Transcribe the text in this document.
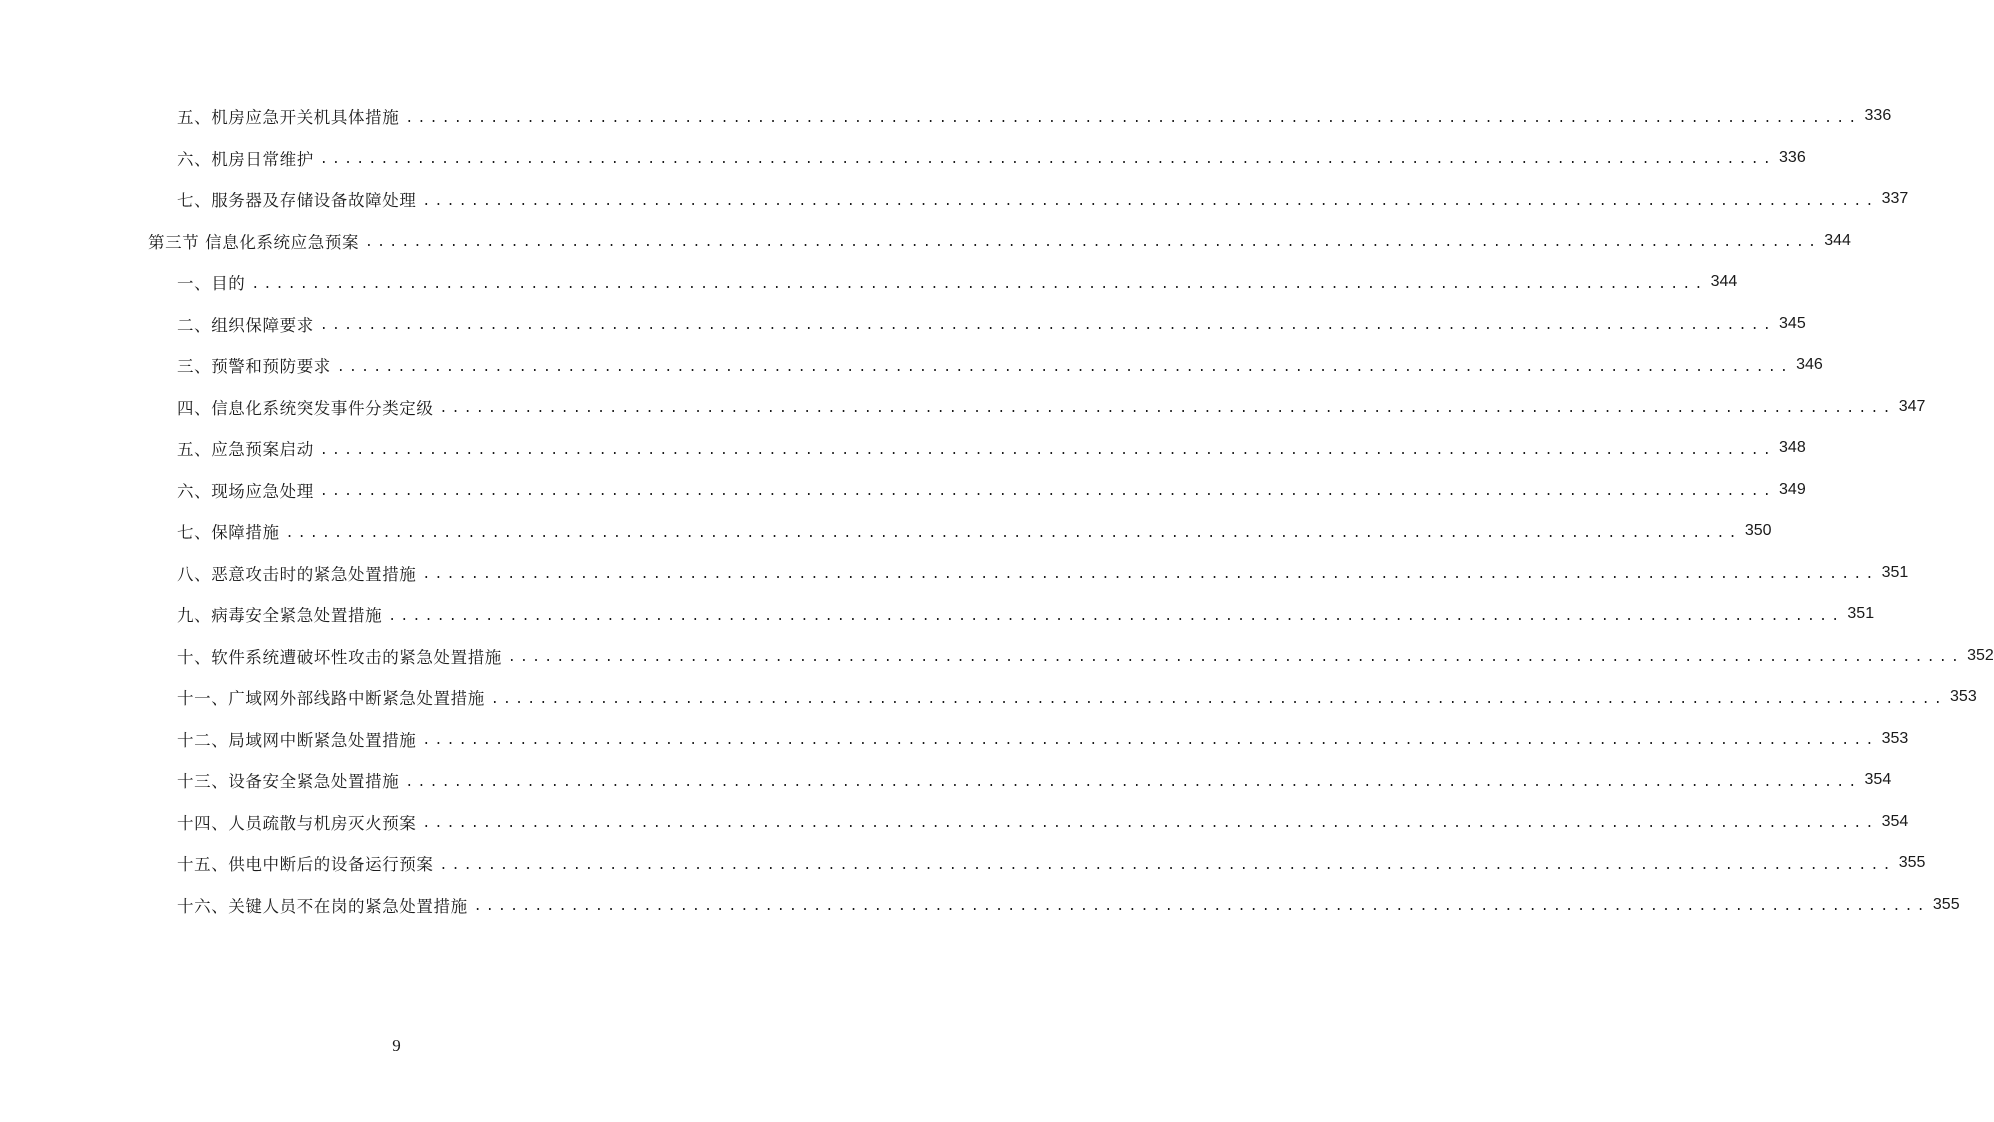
五、机房应急开关机具体措施 ........................................................................................................................ 336
六、机房日常维护 ........................................................................................................................ 336
七、服务器及存储设备故障处理 ........................................................................................................................ 337
第三节 信息化系统应急预案 ........................................................................................................................ 344
一、目的 ........................................................................................................................ 344
二、组织保障要求 ........................................................................................................................ 345
三、预警和预防要求 ........................................................................................................................ 346
四、信息化系统突发事件分类定级 ........................................................................................................................ 347
五、应急预案启动 ........................................................................................................................ 348
六、现场应急处理 ........................................................................................................................ 349
七、保障措施 ........................................................................................................................ 350
八、恶意攻击时的紧急处置措施 ........................................................................................................................ 351
九、病毒安全紧急处置措施 ........................................................................................................................ 351
十、软件系统遭破坏性攻击的紧急处置措施 ........................................................................................................................ 352
十一、广域网外部线路中断紧急处置措施 ........................................................................................................................ 353
十二、局域网中断紧急处置措施 ........................................................................................................................ 353
十三、设备安全紧急处置措施 ........................................................................................................................ 354
十四、人员疏散与机房灭火预案 ........................................................................................................................ 354
十五、供电中断后的设备运行预案 ........................................................................................................................ 355
十六、关键人员不在岗的紧急处置措施 ........................................................................................................................ 355
9
